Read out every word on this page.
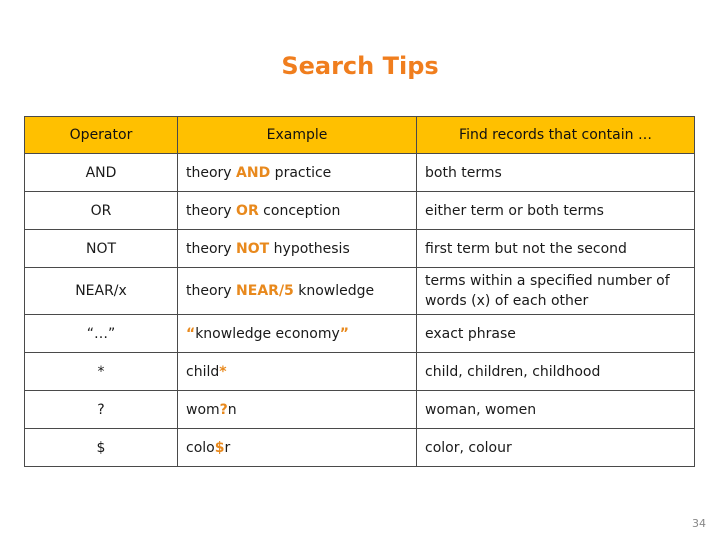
Search Tips
Operator	Example	Find records that contain …
AND	theory AND practice	both terms
OR	theory OR conception	either term or both terms
NOT	theory NOT hypothesis	first term but not the second
NEAR/x	theory NEAR/5 knowledge	terms within a specified number of words (x) of each other
“…”	“knowledge economy”	exact phrase
*	child*	child, children, childhood
?	wom?n	woman, women
$	colo$r	color, colour
34
